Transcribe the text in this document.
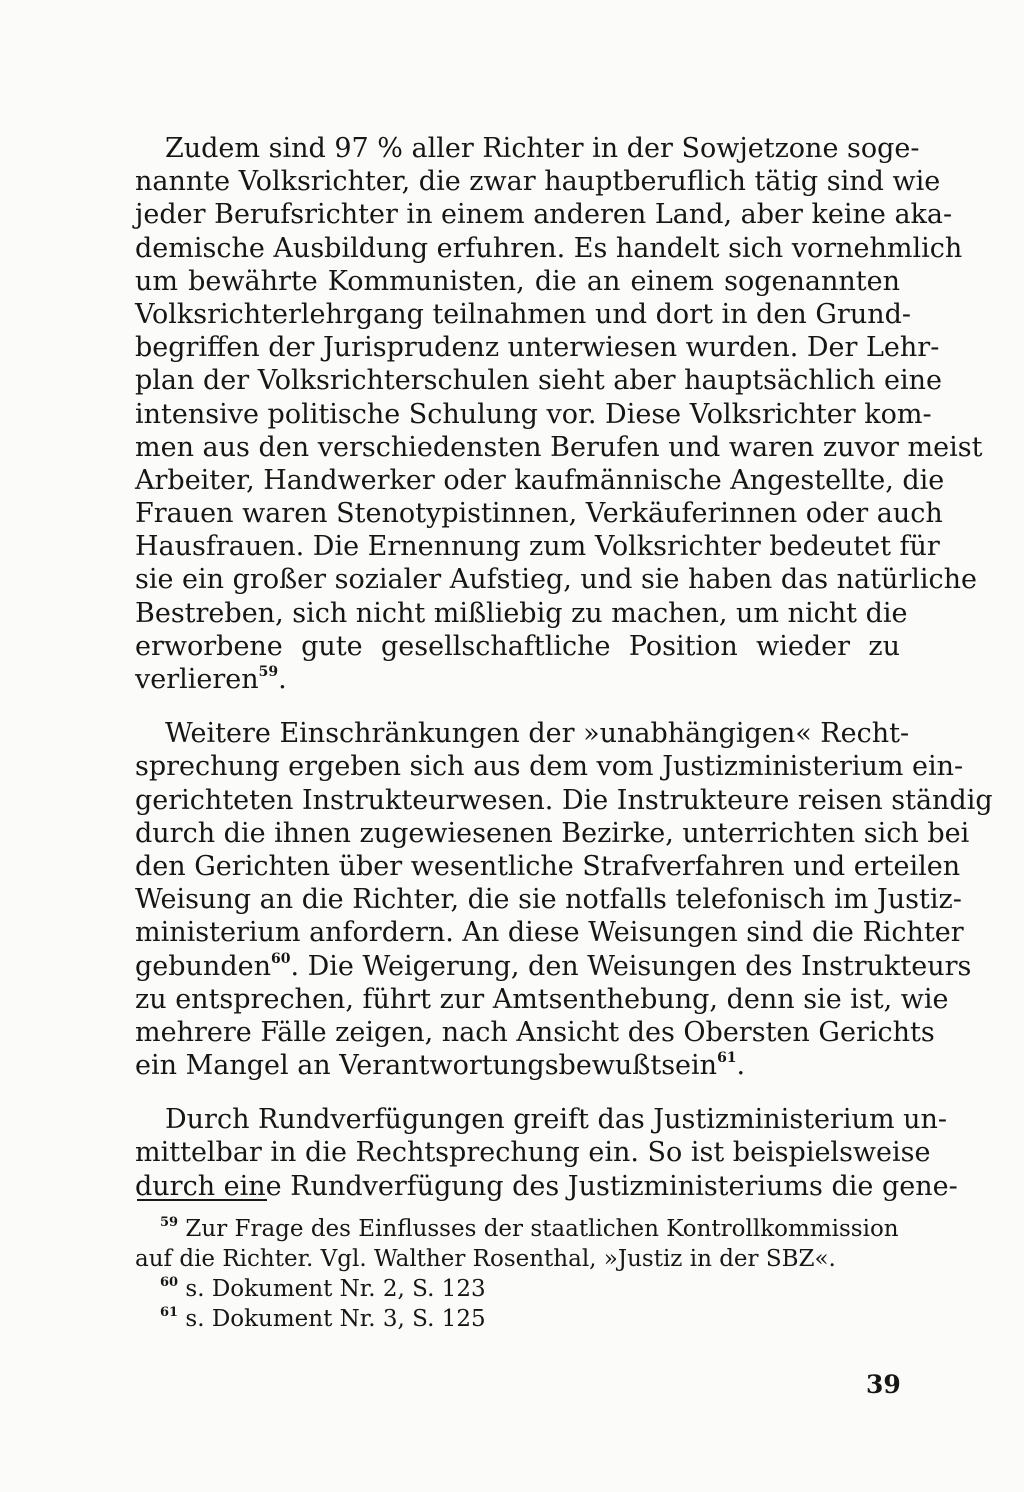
Zudem sind 97 % aller Richter in der Sowjetzone soge-
nannte Volksrichter, die zwar hauptberuflich tätig sind wie
jeder Berufsrichter in einem anderen Land, aber keine aka-
demische Ausbildung erfuhren. Es handelt sich vornehmlich
um bewährte Kommunisten, die an einem sogenannten
Volksrichterlehrgang teilnahmen und dort in den Grund-
begriffen der Jurisprudenz unterwiesen wurden. Der Lehr-
plan der Volksrichterschulen sieht aber hauptsächlich eine
intensive politische Schulung vor. Diese Volksrichter kom-
men aus den verschiedensten Berufen und waren zuvor meist
Arbeiter, Handwerker oder kaufmännische Angestellte, die
Frauen waren Stenotypistinnen, Verkäuferinnen oder auch
Hausfrauen. Die Ernennung zum Volksrichter bedeutet für
sie ein großer sozialer Aufstieg, und sie haben das natürliche
Bestreben, sich nicht mißliebig zu machen, um nicht die
erworbene gute gesellschaftliche Position wieder zu
verlieren$^{59}$.
Weitere Einschränkungen der »unabhängigen« Recht-
sprechung ergeben sich aus dem vom Justizministerium ein-
gerichteten Instrukteurwesen. Die Instrukteure reisen ständig
durch die ihnen zugewiesenen Bezirke, unterrichten sich bei
den Gerichten über wesentliche Strafverfahren und erteilen
Weisung an die Richter, die sie notfalls telefonisch im Justiz-
ministerium anfordern. An diese Weisungen sind die Richter
gebunden$^{60}$. Die Weigerung, den Weisungen des Instrukteurs
zu entsprechen, führt zur Amtsenthebung, denn sie ist, wie
mehrere Fälle zeigen, nach Ansicht des Obersten Gerichts
ein Mangel an Verantwortungsbewußtsein$^{61}$.
Durch Rundverfügungen greift das Justizministerium un-
mittelbar in die Rechtsprechung ein. So ist beispielsweise
durch eine Rundverfügung des Justizministeriums die gene-
$^{59}$ Zur Frage des Einflusses der staatlichen Kontrollkommission
auf die Richter. Vgl. Walther Rosenthal, »Justiz in der SBZ«.
$^{60}$ s. Dokument Nr. 2, S. 123
$^{61}$ s. Dokument Nr. 3, S. 125
39
